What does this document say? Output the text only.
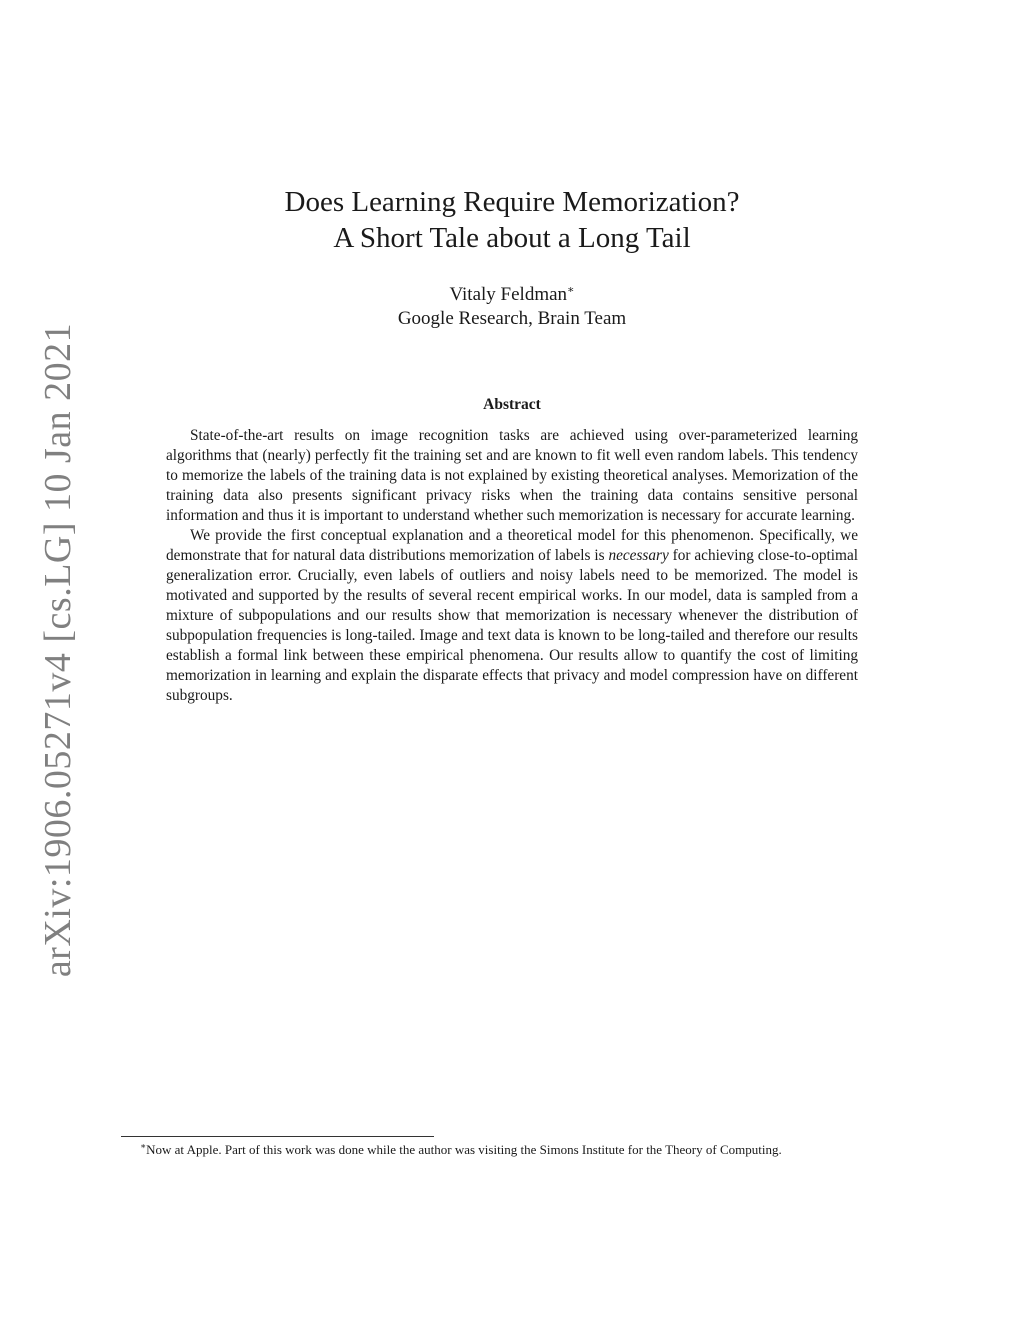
arXiv:1906.05271v4 [cs.LG] 10 Jan 2021
Does Learning Require Memorization?
A Short Tale about a Long Tail
Vitaly Feldman∗
Google Research, Brain Team
Abstract

State-of-the-art results on image recognition tasks are achieved using over-parameterized learning algorithms that (nearly) perfectly fit the training set and are known to fit well even random labels. This tendency to memorize the labels of the training data is not explained by existing theoretical analyses. Memorization of the training data also presents significant privacy risks when the training data contains sensitive personal information and thus it is important to understand whether such memorization is necessary for accurate learning.

We provide the first conceptual explanation and a theoretical model for this phenomenon. Specifically, we demonstrate that for natural data distributions memorization of labels is necessary for achieving close-to-optimal generalization error. Crucially, even labels of outliers and noisy labels need to be memorized. The model is motivated and supported by the results of several recent empirical works. In our model, data is sampled from a mixture of subpopulations and our results show that memorization is necessary whenever the distribution of subpopulation frequencies is long-tailed. Image and text data is known to be long-tailed and therefore our results establish a formal link between these empirical phenomena. Our results allow to quantify the cost of limiting memorization in learning and explain the disparate effects that privacy and model compression have on different subgroups.

∗Now at Apple. Part of this work was done while the author was visiting the Simons Institute for the Theory of Computing.
